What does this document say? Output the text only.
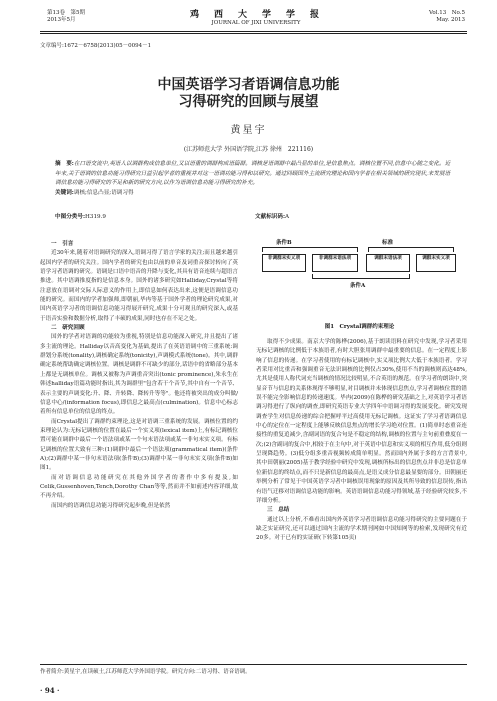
第13卷　第5期
2013年5月	鸡　西　大　学　学　报
JOURNAL OF JIXI UNIVERSITY
Vol.13　No.5
May. 2013
文章编号:1672－6758(2013)05－0094－1
中国英语学习者语调信息功能
习得研究的回顾与展望
黄星宇
(江苏师范大学 外国语学院,江苏 徐州　221116)
摘　要:在口语交流中,英语人以调群构成信息单位,又以语重的调群构成语篇群。调核是语调群中最凸显的单位,是信息焦点。调核位置不同,信息中心随之变化。近年来,关于语调的信息功能习得研究日益引起学者的重视并对这一语调功能习得和以研究。通过回顾国外主流研究理论和国内学者在相关领域的研究现状,来发展语调信息功能习得研究的不足和新的研究方向,以作为语调信息功能习得研究的补充。
关键词:调核;信息凸显;语调习得
中图分类号:H319.9	文献标识码:A
一　引言

近30年来,随着对语调研究的深入,语调习得了语言学家的关注;而且越来越引起国内学者的研究关注。国内学者的研究也由以前的单音及词重音探讨转向了英语学习者语调的研究。语调是口语中语音的升降与变化,其具有语音连续与超语言推进。其中语调推度指的是信息本身。国外的诸多研究如Halliday,Crystal等将注意放在语调对交际人际意义的作用上,即信息如何表达出来,这便是语调信息功能的研究。而国内的学者加强师,即朝丽,毕冉等基于国外学者的理论研究成果,对国内英语学习者的语调信息功能习得展开研究,成果十分可观且的研究深入,或基于语音实验和数据分析,取得了丰硕的成果,同时也存在不足之处。

二　研究回顾

国外的学者对语调的功能较为重视,特别是信息功能深入研究,并且提出了诸多主流的理论。Halliday以音高变化为基础,提出了在英语语调中的三重系统:调群划分系统(tonality),调核确定系统(tonicity),声调模式系统(tone)。其中,调群确定系统帮助确定调核位置。调核是调群不可缺少的部分,话语中的省略部分基本上都是无调核单位。调核又被称为声调重音突出(tonic prominence),朱永生在韩述halliday语篇功能时指出,其为调群里"包含若干个音节,其中自有一个音节、表示主要的声调变化:升、降、升转降、降转升等等"。他还将被突出的成分叫做/信息中心/(information focus),即信息之最高点(culmination)。信息中心标志着所有信息单位的信息的终点。

而Crystal提出了调群约束理论,这是对语调三重系统的发展。调核位置的约束理论认为:无标记调核的位置在最后一个实义项(lexical item)上,有标记调核位置可能在调群中最后一个语法项或某一个句末语法项或某一非句末实义项。有标记调核的位置大致有三种:(1)调群中最后一个语法项(grammatical item)(条件A);(2)调群中某一非句末语法项(条件B);(3)调群中某一非句末实义项(条件B)如图1。

而对语调信息功能研究在其他外国学者的著作中多有提及,如Celik,Gussenhoven,Tench,Dorothy Chan等等,然而并不如前述内容详细,故不再介绍。

而国内的语调信息功能习得研究起步晚,但是依然

条件B	标准
非调群末实义项	非调群末语法项	调群末语法项	调群末实义项
条件A
图1　Crystal调群约束理论

取得不少成果。南京大学的陈桦(2006),基于朗读语料在研究中发现,学习者采用无标记调核的比例低于本族语者,有时大胆张用调群中最重要的信息。在一定程度上影响了信息的传递。在学习者使用的有标记调核中,实义项比例大大低于本族语者。学习者采用对比重音和强调重音无法识调核的比例仅占30%,使用不当的调核则高达48%,尤其是使用人称代词充当调核的情况比较明显,不合英语的规范。在学习者的朗读中,突显音节与信息的关系体现得不够明显,对目调核并未体现信息焦点,学习者调核位置的错误不能完全影响信息的传递速度。毕冉(2009)在陈桦的研究基础之上,对英语学习者语调习得进行了纵向的调查,即研究英语专业大学四年中语调习得的发展变化。研究发现调查学生对信息传递的综合把握呼平过高使用无标记调核。这证实了学习者语调信息中心的定位在一定程度上能够反映信息焦点的增长学习绝对位置。(1)简单时态重音连接性的重复追减少,含副词语的复合句是不稳定的结构,调核的位置与主句前重叠度在一次;(2)含副词的复合中,相较于在主句中,对于英语中信息和实义项的相互作用,低分组则呈现降趋势。(3)低分组多重音视频转成简单明显。然而国内外属于多的方言背景中,其中田朝丽(2005)基于教学经验中研究中发现,调核所标出的信息焦点并非总是信息单位新信息的终结点,而不只是新信息的最高点,是语义成分信息最显要的部分。田朝丽还举例分析了常见于中国英语学习者中调核误用现象的原因及其所导致的信息误传,指出有语气迁移对语调信息功能的影响。英语语调信息功能习得领域,基于经验研究较多,不详细分析。

三　总结

通过以上分析,不难看出国内外英语学习者语调信息功能习得研究的主要问题在于缺乏实证研究,还可以通过国内主流的学术期刊网如中国知网等的检索,发现研究有近20多。对于已有的实证研(下转第105页)

作者简介:黄星宇,在读硕士,江苏师范大学外国语学院。研究方向:二语习得、语音语调。
· 94 ·
